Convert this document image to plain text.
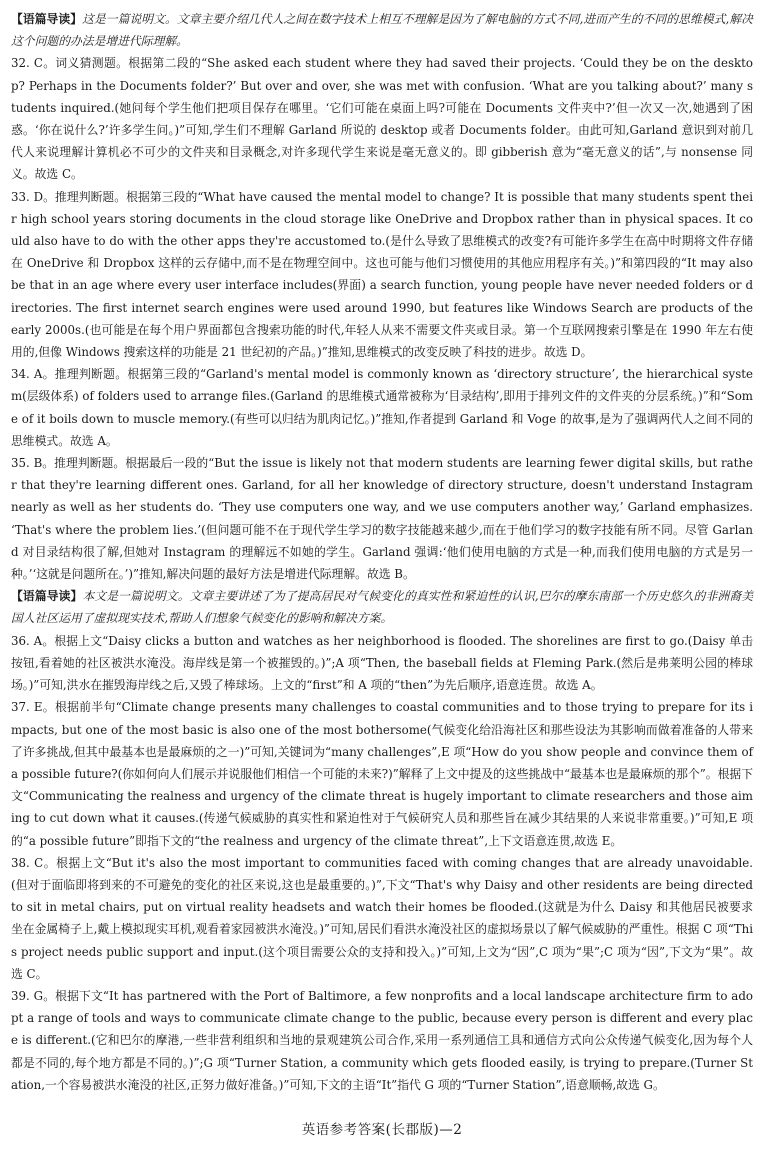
【语篇导读】这是一篇说明文。文章主要介绍几代人之间在数字技术上相互不理解是因为了解电脑的方式不同,进而产生的不同的思维模式,解决这个问题的办法是增进代际理解。

32. C。词义猜测题。根据第二段的“She asked each student where they had saved their projects. ‘Could they be on the desktop? Perhaps in the Documents folder?’ But over and over, she was met with confusion. ‘What are you talking about?’ many students inquired.(她问每个学生他们把项目保存在哪里。‘它们可能在桌面上吗?可能在 Documents 文件夹中?’但一次又一次,她遇到了困惑。‘你在说什么?’许多学生问。)”可知,学生们不理解 Garland 所说的 desktop 或者 Documents folder。由此可知,Garland 意识到对前几代人来说理解计算机必不可少的文件夹和目录概念,对许多现代学生来说是毫无意义的。即 gibberish 意为“毫无意义的话”,与 nonsense 同义。故选 C。

33. D。推理判断题。根据第三段的“What have caused the mental model to change? It is possible that many students spent their high school years storing documents in the cloud storage like OneDrive and Dropbox rather than in physical spaces. It could also have to do with the other apps they're accustomed to.(是什么导致了思维模式的改变?有可能许多学生在高中时期将文件存储在 OneDrive 和 Dropbox 这样的云存储中,而不是在物理空间中。这也可能与他们习惯使用的其他应用程序有关。)”和第四段的“It may also be that in an age where every user interface includes(界面) a search function, young people have never needed folders or directories. The first internet search engines were used around 1990, but features like Windows Search are products of the early 2000s.(也可能是在每个用户界面都包含搜索功能的时代,年轻人从来不需要文件夹或目录。第一个互联网搜索引擎是在 1990 年左右使用的,但像 Windows 搜索这样的功能是 21 世纪初的产品。)”推知,思维模式的改变反映了科技的进步。故选 D。

34. A。推理判断题。根据第三段的“Garland's mental model is commonly known as ‘directory structure’, the hierarchical system(层级体系) of folders used to arrange files.(Garland 的思维模式通常被称为‘目录结构’,即用于排列文件的文件夹的分层系统。)”和“Some of it boils down to muscle memory.(有些可以归结为肌肉记忆。)”推知,作者提到 Garland 和 Voge 的故事,是为了强调两代人之间不同的思维模式。故选 A。

35. B。推理判断题。根据最后一段的“But the issue is likely not that modern students are learning fewer digital skills, but rather that they're learning different ones. Garland, for all her knowledge of directory structure, doesn't understand Instagram nearly as well as her students do. ‘They use computers one way, and we use computers another way,’ Garland emphasizes. ‘That's where the problem lies.’(但问题可能不在于现代学生学习的数字技能越来越少,而在于他们学习的数字技能有所不同。尽管 Garland 对目录结构很了解,但她对 Instagram 的理解远不如她的学生。Garland 强调:‘他们使用电脑的方式是一种,而我们使用电脑的方式是另一种。’‘这就是问题所在。’)”推知,解决问题的最好方法是增进代际理解。故选 B。

【语篇导读】本文是一篇说明文。文章主要讲述了为了提高居民对气候变化的真实性和紧迫性的认识,巴尔的摩东南部一个历史悠久的非洲裔美国人社区运用了虚拟现实技术,帮助人们想象气候变化的影响和解决方案。

36. A。根据上文“Daisy clicks a button and watches as her neighborhood is flooded. The shorelines are first to go.(Daisy 单击按钮,看着她的社区被洪水淹没。海岸线是第一个被摧毁的。)”;A 项“Then, the baseball fields at Fleming Park.(然后是弗莱明公园的棒球场。)”可知,洪水在摧毁海岸线之后,又毁了棒球场。上文的“first”和 A 项的“then”为先后顺序,语意连贯。故选 A。

37. E。根据前半句“Climate change presents many challenges to coastal communities and to those trying to prepare for its impacts, but one of the most basic is also one of the most bothersome(气候变化给沿海社区和那些设法为其影响而做着准备的人带来了许多挑战,但其中最基本也是最麻烦的之一)”可知,关键词为“many challenges”,E 项“How do you show people and convince them of a possible future?(你如何向人们展示并说服他们相信一个可能的未来?)”解释了上文中提及的这些挑战中“最基本也是最麻烦的那个”。根据下文“Communicating the realness and urgency of the climate threat is hugely important to climate researchers and those aiming to cut down what it causes.(传递气候威胁的真实性和紧迫性对于气候研究人员和那些旨在减少其结果的人来说非常重要。)”可知,E 项的“a possible future”即指下文的“the realness and urgency of the climate threat”,上下文语意连贯,故选 E。

38. C。根据上文“But it's also the most important to communities faced with coming changes that are already unavoidable.(但对于面临即将到来的不可避免的变化的社区来说,这也是最重要的。)”,下文“That's why Daisy and other residents are being directed to sit in metal chairs, put on virtual reality headsets and watch their homes be flooded.(这就是为什么 Daisy 和其他居民被要求坐在金属椅子上,戴上模拟现实耳机,观看着家园被洪水淹没。)”可知,居民们看洪水淹没社区的虚拟场景以了解气候威胁的严重性。根据 C 项“This project needs public support and input.(这个项目需要公众的支持和投入。)”可知,上文为“因”,C 项为“果”;C 项为“因”,下文为“果”。故选 C。

39. G。根据下文“It has partnered with the Port of Baltimore, a few nonprofits and a local landscape architecture firm to adopt a range of tools and ways to communicate climate change to the public, because every person is different and every place is different.(它和巴尔的摩港,一些非营利组织和当地的景观建筑公司合作,采用一系列通信工具和通信方式向公众传递气候变化,因为每个人都是不同的,每个地方都是不同的。)”;G 项“Turner Station, a community which gets flooded easily, is trying to prepare.(Turner Station,一个容易被洪水淹没的社区,正努力做好准备。)”可知,下文的主语“It”指代 G 项的“Turner Station”,语意顺畅,故选 G。

英语参考答案(长郡版)—2
